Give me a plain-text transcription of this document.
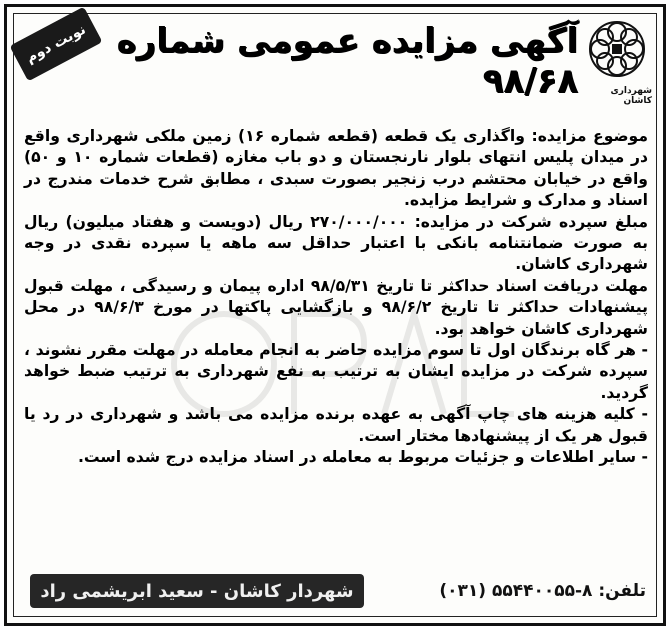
نوبت دوم آگهی مزایده عمومی شماره ۹۸/۶۸	شهرداری کاشان

موضوع مزایده: واگذاری یک قطعه (قطعه شماره ۱۶) زمین ملکی شهرداری واقع در میدان پلیس انتهای بلوار نارنجستان و دو باب مغازه (قطعات شماره ۱۰ و ۵۰) واقع در خیابان محتشم درب زنجیر بصورت سبدی ، مطابق شرح خدمات مندرج در اسناد و مدارک و شرایط مزایده.

مبلغ سپرده شرکت در مزایده: ۲۷۰/۰۰۰/۰۰۰ ریال (دویست و هفتاد میلیون) ریال به صورت ضمانتنامه بانکی با اعتبار حداقل سه ماهه یا سپرده نقدی در وجه شهرداری کاشان.

مهلت دریافت اسناد حداکثر تا تاریخ ۹۸/۵/۳۱ اداره پیمان و رسیدگی ، مهلت قبول پیشنهادات حداکثر تا تاریخ ۹۸/۶/۲ و بازگشایی پاکتها در مورخ ۹۸/۶/۳ در محل شهرداری کاشان خواهد بود.

- هر گاه برندگان اول تا سوم مزایده حاضر به انجام معامله در مهلت مقرر نشوند ، سپرده شرکت در مزایده ایشان به ترتیب به نفع شهرداری به ترتیب ضبط خواهد گردید.

- کلیه هزینه های چاپ آگهی به عهده برنده مزایده می باشد و شهرداری در رد یا قبول هر یک از پیشنهادها مختار است.

- سایر اطلاعات و جزئیات مربوط به معامله در اسناد مزایده درج شده است.

تلفن: ۸-۵۵۴۴۰۰۵۵ (۰۳۱)
شهردار کاشان - سعید ابریشمی راد
